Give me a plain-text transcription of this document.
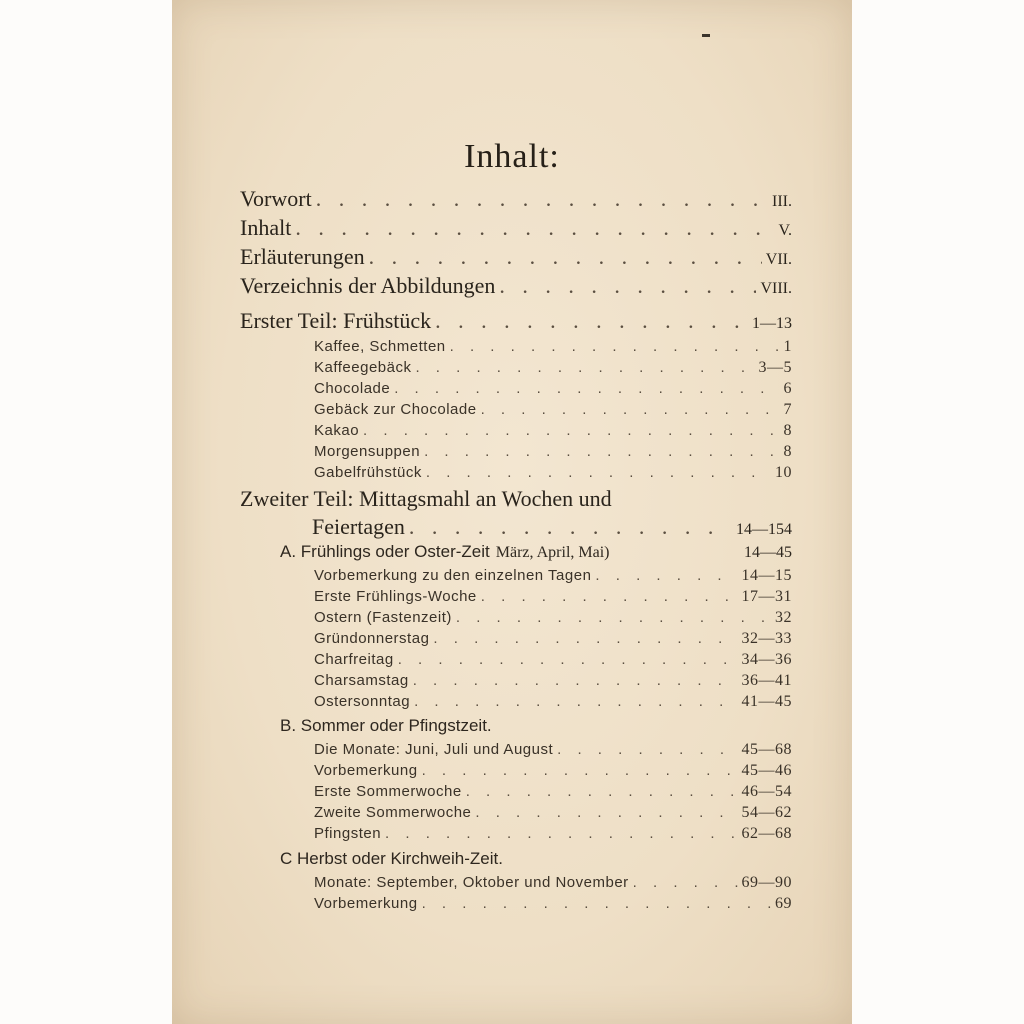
Inhalt:
Vorwort . . .	III.
Inhalt . . .	V.
Erläuterungen . . .	VII.
Verzeichnis der Abbildungen . . .	VIII.
Erster Teil: Frühstück . . .	1—13
Kaffee, Schmetten . . .	1
Kaffeegebäck . . .	3—5
Chocolade . . .	6
Gebäck zur Chocolade . . .	7
Kakao . . .	8
Morgensuppen . . .	8
Gabelfrühstück . . .	10
Zweiter Teil: Mittagsmahl an Wochen und
Feiertagen . . .	14—154
A. Frühlings oder Oster-Zeit März, April, Mai)	14—45
Vorbemerkung zu den einzelnen Tagen . . .	14—15
Erste Frühlings-Woche . . .	17—31
Ostern (Fastenzeit) . . .	32
Gründonnerstag . . .	32—33
Charfreitag . . .	34—36
Charsamstag . . .	36—41
Ostersonntag . . .	41—45
B. Sommer oder Pfingstzeit.
Die Monate: Juni, Juli und August . . .	45—68
Vorbemerkung . . .	45—46
Erste Sommerwoche . . .	46—54
Zweite Sommerwoche . . .	54—62
Pfingsten . . .	62—68
C Herbst oder Kirchweih-Zeit.
Monate: September, Oktober und November . . .	69—90
Vorbemerkung . . .	69
